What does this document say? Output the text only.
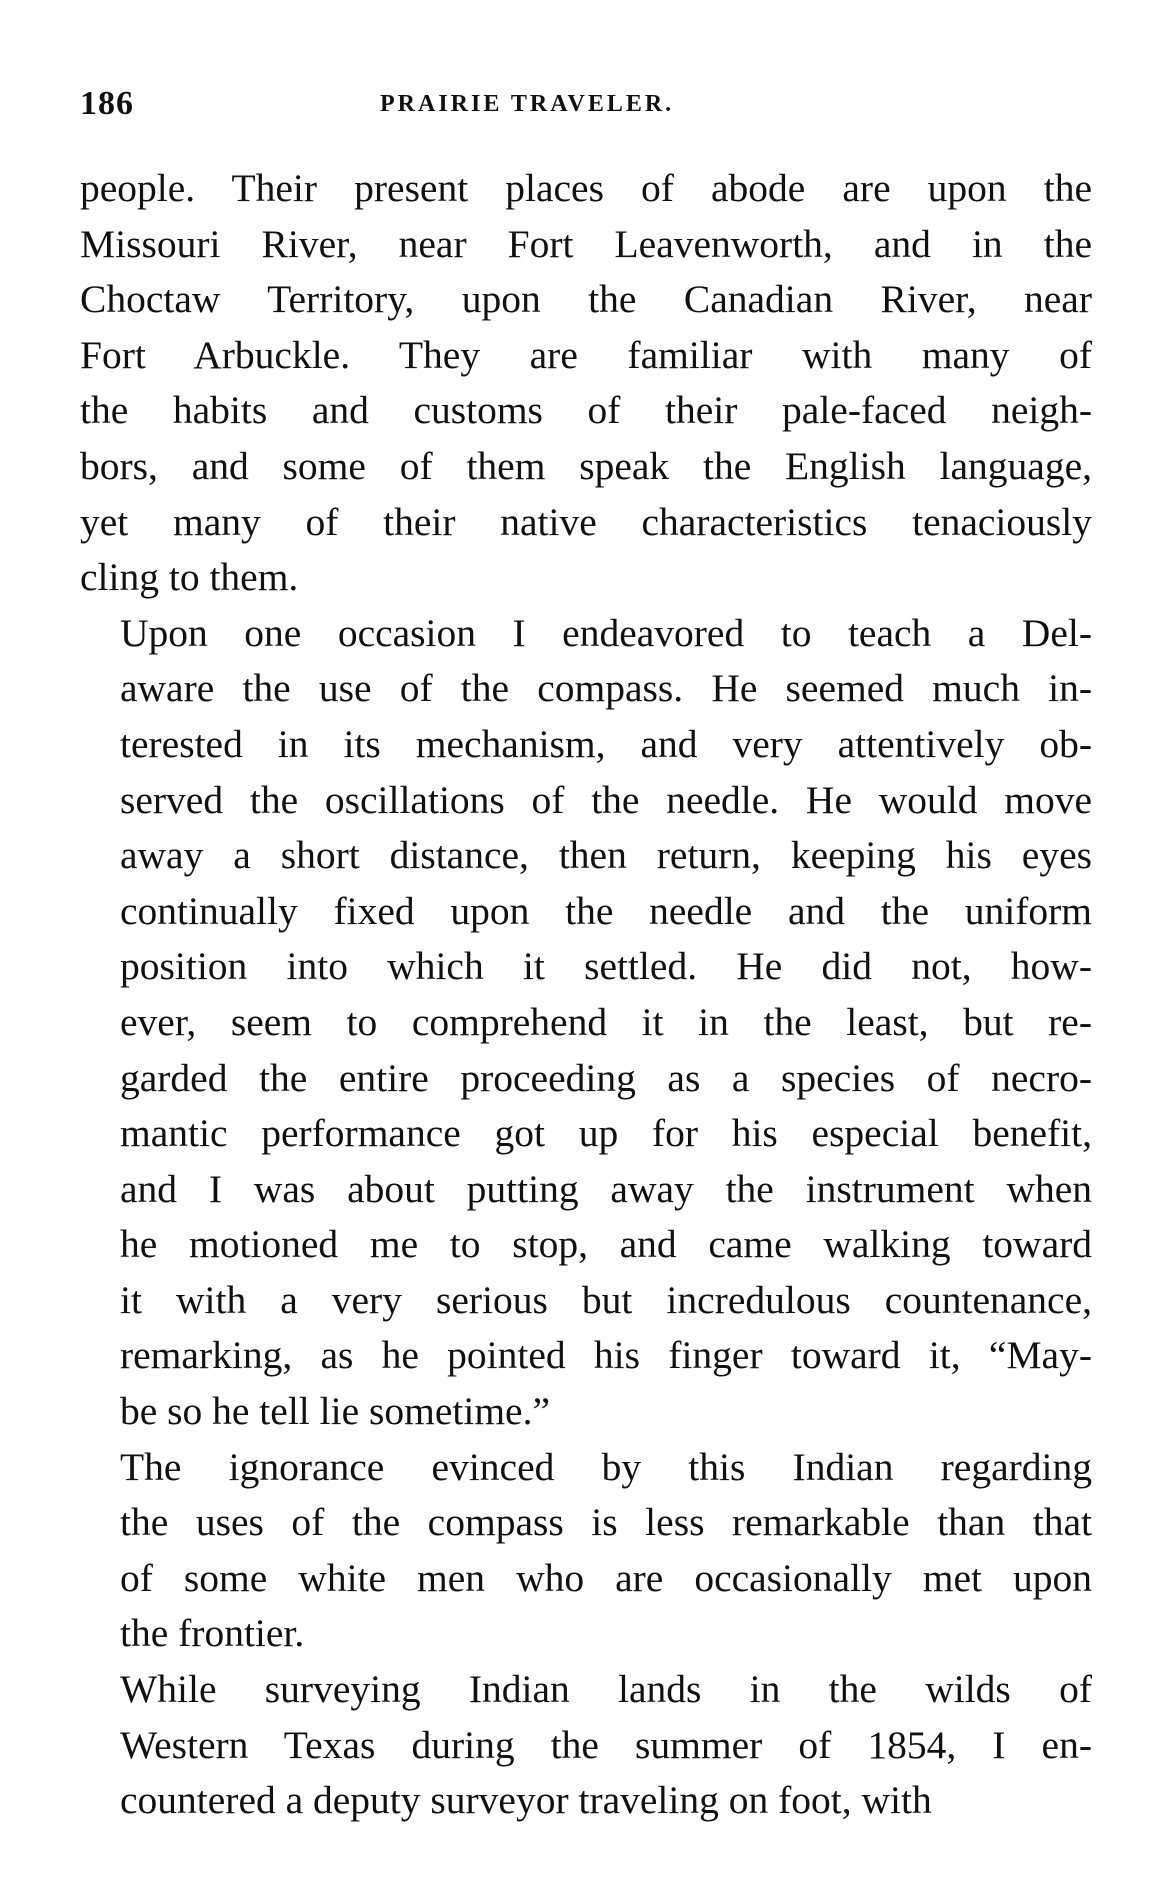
186	PRAIRIE TRAVELER.

people. Their present places of abode are upon the
Missouri River, near Fort Leavenworth, and in the
Choctaw Territory, upon the Canadian River, near
Fort Arbuckle. They are familiar with many of
the habits and customs of their pale-faced neigh-
bors, and some of them speak the English language,
yet many of their native characteristics tenaciously
cling to them.

Upon one occasion I endeavored to teach a Del-
aware the use of the compass. He seemed much in-
terested in its mechanism, and very attentively ob-
served the oscillations of the needle. He would move
away a short distance, then return, keeping his eyes
continually fixed upon the needle and the uniform
position into which it settled. He did not, how-
ever, seem to comprehend it in the least, but re-
garded the entire proceeding as a species of necro-
mantic performance got up for his especial benefit,
and I was about putting away the instrument when
he motioned me to stop, and came walking toward
it with a very serious but incredulous countenance,
remarking, as he pointed his finger toward it, “May-
be so he tell lie sometime.”

The ignorance evinced by this Indian regarding
the uses of the compass is less remarkable than that
of some white men who are occasionally met upon
the frontier.

While surveying Indian lands in the wilds of
Western Texas during the summer of 1854, I en-
countered a deputy surveyor traveling on foot, with
